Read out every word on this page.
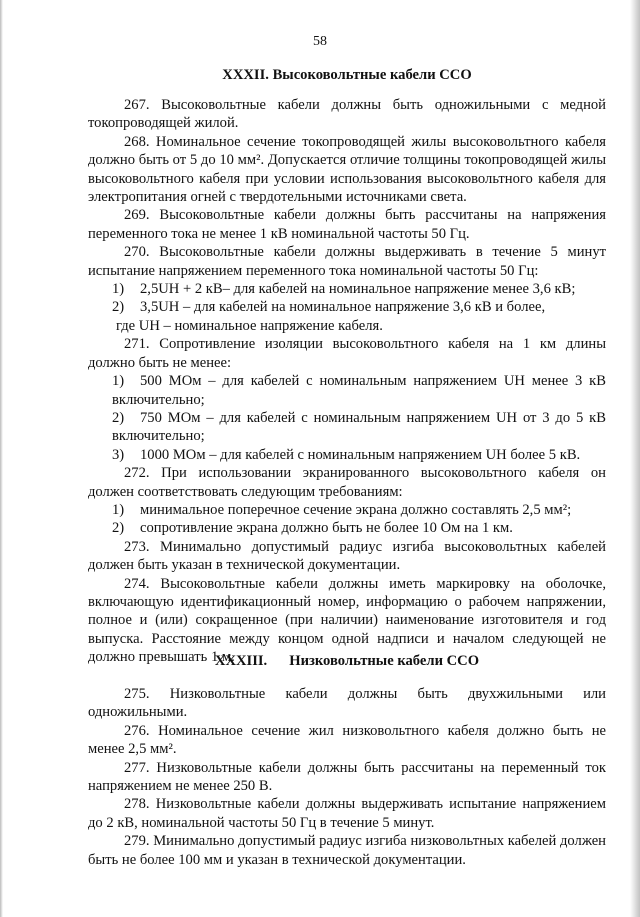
58
XXXII. Высоковольтные кабели ССО

267. Высоковольтные кабели должны быть одножильными с медной токопроводящей жилой.

268. Номинальное сечение токопроводящей жилы высоковольтного кабеля должно быть от 5 до 10 мм². Допускается отличие толщины токопроводящей жилы высоковольтного кабеля при условии использования высоковольтного кабеля для электропитания огней с твердотельными источниками света.

269. Высоковольтные кабели должны быть рассчитаны на напряжения переменного тока не менее 1 кВ номинальной частоты 50 Гц.

270. Высоковольтные кабели должны выдерживать в течение 5 минут испытание напряжением переменного тока номинальной частоты 50 Гц:

1) 2,5UН + 2 кВ– для кабелей на номинальное напряжение менее 3,6 кВ;
2) 3,5UН – для кабелей на номинальное напряжение 3,6 кВ и более,
где UН – номинальное напряжение кабеля.

271. Сопротивление изоляции высоковольтного кабеля на 1 км длины должно быть не менее:

1) 500 МОм – для кабелей с номинальным напряжением UН менее 3 кВ включительно;
2) 750 МОм – для кабелей с номинальным напряжением UН от 3 до 5 кВ включительно;
3) 1000 МОм – для кабелей с номинальным напряжением UН более 5 кВ.

272. При использовании экранированного высоковольтного кабеля он должен соответствовать следующим требованиям:

1) минимальное поперечное сечение экрана должно составлять 2,5 мм²;
2) сопротивление экрана должно быть не более 10 Ом на 1 км.

273. Минимально допустимый радиус изгиба высоковольтных кабелей должен быть указан в технической документации.

274. Высоковольтные кабели должны иметь маркировку на оболочке, включающую идентификационный номер, информацию о рабочем напряжении, полное и (или) сокращенное (при наличии) наименование изготовителя и год выпуска. Расстояние между концом одной надписи и началом следующей не должно превышать 1 м.

XXXIII. Низковольтные кабели ССО

275. Низковольтные кабели должны быть двухжильными или одножильными.

276. Номинальное сечение жил низковольтного кабеля должно быть не менее 2,5 мм².

277. Низковольтные кабели должны быть рассчитаны на переменный ток напряжением не менее 250 В.

278. Низковольтные кабели должны выдерживать испытание напряжением до 2 кВ, номинальной частоты 50 Гц в течение 5 минут.

279. Минимально допустимый радиус изгиба низковольтных кабелей должен быть не более 100 мм и указан в технической документации.
